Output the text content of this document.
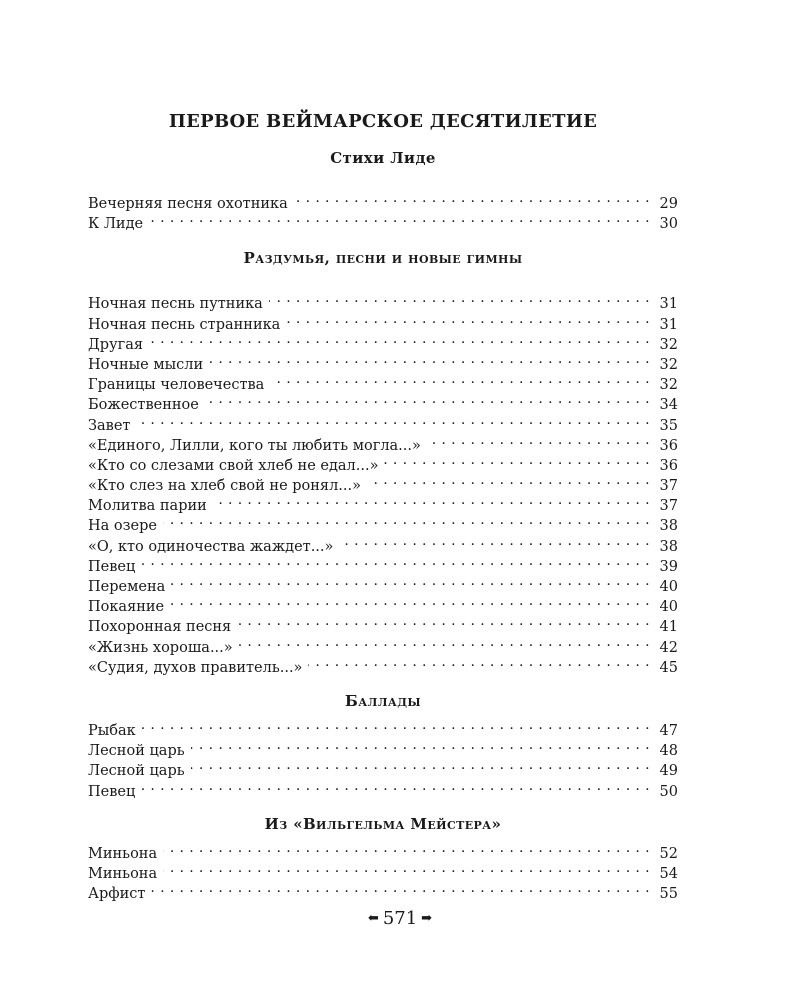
ПЕРВОЕ ВЕЙМАРСКОЕ ДЕСЯТИЛЕТИЕ
Стихи Лиде
Вечерняя песня охотника . . .	29
К Лиде . . .	30
Раздумья, песни и новые гимны
Ночная песнь путника . . .	31
Ночная песнь странника . . .	31
Другая . . .	32
Ночные мысли . . .	32
Границы человечества . . .	32
Божественное . . .	34
Завет . . .	35
«Единого, Лилли, кого ты любить могла...» . . .	36
«Кто со слезами свой хлеб не едал...» . . .	36
«Кто слез на хлеб свой не ронял...» . . .	37
Молитва парии . . .	37
На озере . . .	38
«О, кто одиночества жаждет...» . . .	38
Певец . . .	39
Перемена . . .	40
Покаяние . . .	40
Похоронная песня . . .	41
«Жизнь хороша...» . . .	42
«Судия, духов правитель...» . . .	45
Баллады
Рыбак . . .	47
Лесной царь . . .	48
Лесной царь . . .	49
Певец . . .	50
Из «Вильгельма Мейстера»
Миньона . . .	52
Миньона . . .	54
Арфист . . .	55
⬅ 571 ➡
